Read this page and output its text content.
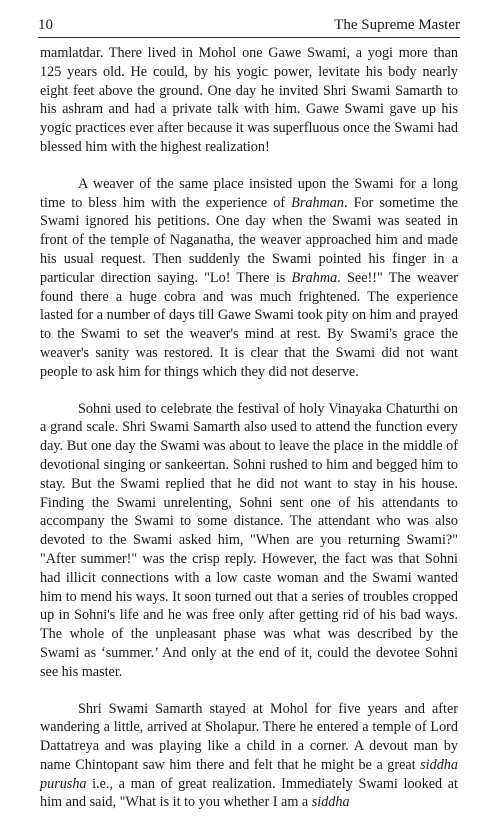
10	The Supreme Master

mamlatdar. There lived in Mohol one Gawe Swami, a yogi more than 125 years old. He could, by his yogic power, levitate his body nearly eight feet above the ground. One day he invited Shri Swami Samarth to his ashram and had a private talk with him. Gawe Swami gave up his yogic practices ever after because it was superfluous once the Swami had blessed him with the highest realization!

A weaver of the same place insisted upon the Swami for a long time to bless him with the experience of Brahman. For sometime the Swami ignored his petitions. One day when the Swami was seated in front of the temple of Naganatha, the weaver approached him and made his usual request. Then suddenly the Swami pointed his finger in a particular direction saying. "Lo! There is Brahma. See!!" The weaver found there a huge cobra and was much frightened. The experience lasted for a number of days till Gawe Swami took pity on him and prayed to the Swami to set the weaver's mind at rest. By Swami's grace the weaver's sanity was restored. It is clear that the Swami did not want people to ask him for things which they did not deserve.

Sohni used to celebrate the festival of holy Vinayaka Chaturthi on a grand scale. Shri Swami Samarth also used to attend the function every day. But one day the Swami was about to leave the place in the middle of devotional singing or sankeertan. Sohni rushed to him and begged him to stay. But the Swami replied that he did not want to stay in his house. Finding the Swami unrelenting, Sohni sent one of his attendants to accompany the Swami to some distance. The attendant who was also devoted to the Swami asked him, "When are you returning Swami?" "After summer!" was the crisp reply. However, the fact was that Sohni had illicit connections with a low caste woman and the Swami wanted him to mend his ways. It soon turned out that a series of troubles cropped up in Sohni's life and he was free only after getting rid of his bad ways. The whole of the unpleasant phase was what was described by the Swami as ‘summer.’ And only at the end of it, could the devotee Sohni see his master.

Shri Swami Samarth stayed at Mohol for five years and after wandering a little, arrived at Sholapur. There he entered a temple of Lord Dattatreya and was playing like a child in a corner. A devout man by name Chintopant saw him there and felt that he might be a great siddha purusha i.e., a man of great realization. Immediately Swami looked at him and said, "What is it to you whether I am a siddha
